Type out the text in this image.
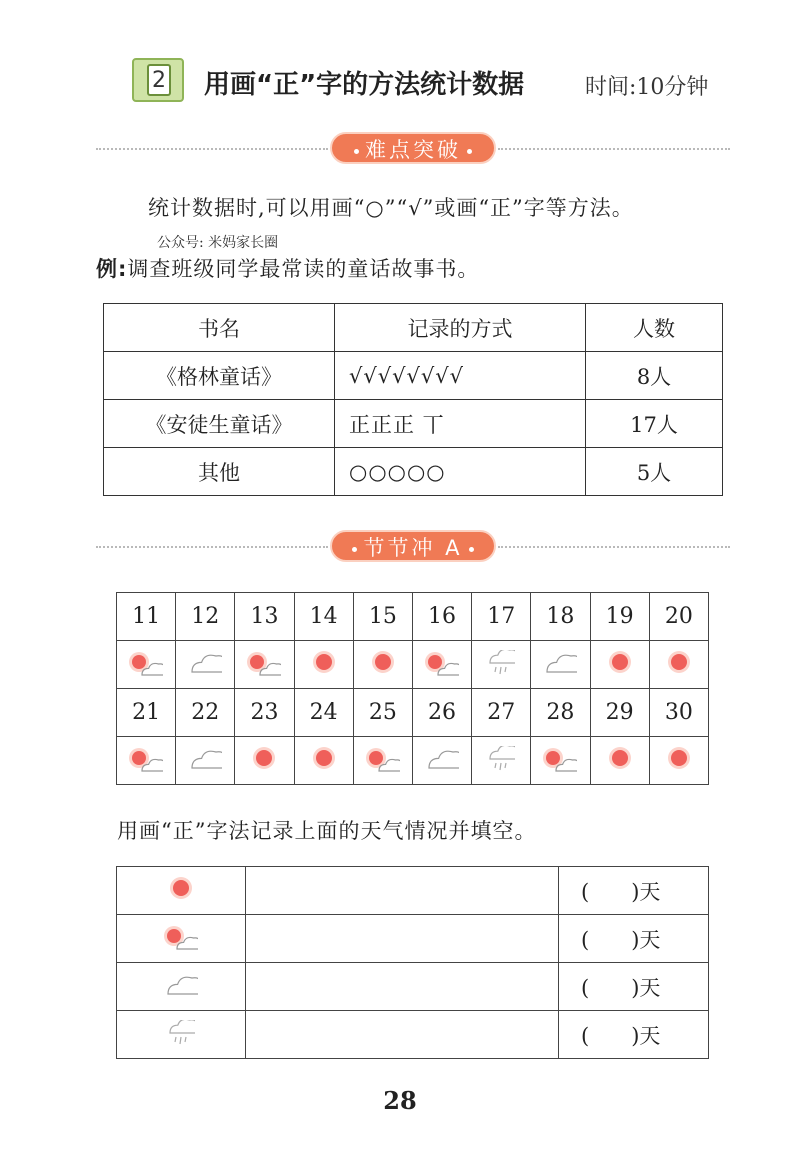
2 用画“正”字的方法统计数据	时间:10分钟
难点突破
统计数据时,可以用画“○”“√”或画“正”字等方法。
公众号: 米妈家长圈
例:调查班级同学最常读的童话故事书。
书名	记录的方式	人数
《格林童话》	√√√√√√√√	8人
《安徒生童话》	正正正 丅	17人
其他	○○○○○	5人
节节冲 A
11	12	13	14	15	16	17	18	19	20

21	22	23	24	25	26	27	28	29	30

用画“正”字法记录上面的天气情况并填空。
		(　　)天
		(　　)天
		(　　)天
		(　　)天
28
